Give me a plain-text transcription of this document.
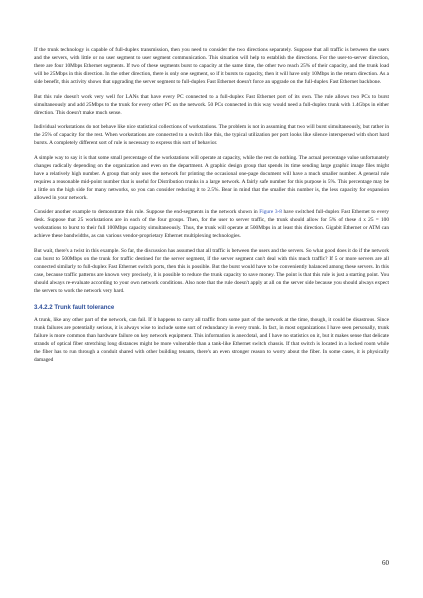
If the trunk technology is capable of full-duplex transmission, then you need to consider the two directions separately. Suppose that all traffic is between the users and the servers, with little or no user segment to user segment communication. This situation will help to establish the directions. For the user-to-server direction, there are four 10Mbps Ethernet segments. If two of these segments burst to capacity at the same time, the other two reach 25% of their capacity, and the trunk load will be 25Mbps in this direction. In the other direction, there is only one segment, so if it bursts to capacity, then it will have only 10Mbps in the return direction. As a side benefit, this activity shows that upgrading the server segment to full-duplex Fast Ethernet doesn't force an upgrade on the full-duplex Fast Ethernet backbone.

But this rule doesn't work very well for LANs that have every PC connected to a full-duplex Fast Ethernet port of its own. The rule allows two PCs to burst simultaneously and add 25Mbps to the trunk for every other PC on the network. 50 PCs connected in this way would need a full-duplex trunk with 1.4Gbps in either direction. This doesn't make much sense.

Individual workstations do not behave like nice statistical collections of workstations. The problem is not in assuming that two will burst simultaneously, but rather in the 25% of capacity for the rest. When workstations are connected to a switch like this, the typical utilization per port looks like silence interspersed with short hard bursts. A completely different sort of rule is necessary to express this sort of behavior.

A simple way to say it is that some small percentage of the workstations will operate at capacity, while the rest do nothing. The actual percentage value unfortunately changes radically depending on the organization and even on the department. A graphic design group that spends its time sending large graphic image files might have a relatively high number. A group that only uses the network for printing the occasional one-page document will have a much smaller number. A general rule requires a reasonable mid-point number that is useful for Distribution trunks in a large network. A fairly safe number for this purpose is 5%. This percentage may be a little on the high side for many networks, so you can consider reducing it to 2.5%. Bear in mind that the smaller this number is, the less capacity for expansion allowed in your network.

Consider another example to demonstrate this rule. Suppose the end-segments in the network shown in Figure 3-8 have switched full-duplex Fast Ethernet to every desk. Suppose that 25 workstations are in each of the four groups. Then, for the user to server traffic, the trunk should allow for 5% of these 4 x 25 = 100 workstations to burst to their full 100Mbps capacity simultaneously. Thus, the trunk will operate at 500Mbps in at least this direction. Gigabit Ethernet or ATM can achieve these bandwidths, as can various vendor-proprietary Ethernet multiplexing technologies.

But wait, there's a twist in this example. So far, the discussion has assumed that all traffic is between the users and the servers. So what good does it do if the network can burst to 500Mbps on the trunk for traffic destined for the server segment, if the server segment can't deal with this much traffic? If 5 or more servers are all connected similarly to full-duplex Fast Ethernet switch ports, then this is possible. But the burst would have to be conveniently balanced among these servers. In this case, because traffic patterns are known very precisely, it is possible to reduce the trunk capacity to save money. The point is that this rule is just a starting point. You should always re-evaluate according to your own network conditions. Also note that the rule doesn't apply at all on the server side because you should always expect the servers to work the network very hard.

3.4.2.2 Trunk fault tolerance

A trunk, like any other part of the network, can fail. If it happens to carry all traffic from some part of the network at the time, though, it could be disastrous. Since trunk failures are potentially serious, it is always wise to include some sort of redundancy in every trunk. In fact, in most organizations I have seen personally, trunk failure is more common than hardware failure on key network equipment. This information is anecdotal, and I have no statistics on it, but it makes sense that delicate strands of optical fiber stretching long distances might be more vulnerable than a tank-like Ethernet switch chassis. If that switch is located in a locked room while the fiber has to run through a conduit shared with other building tenants, there's an even stronger reason to worry about the fiber. In some cases, it is physically damaged

60
